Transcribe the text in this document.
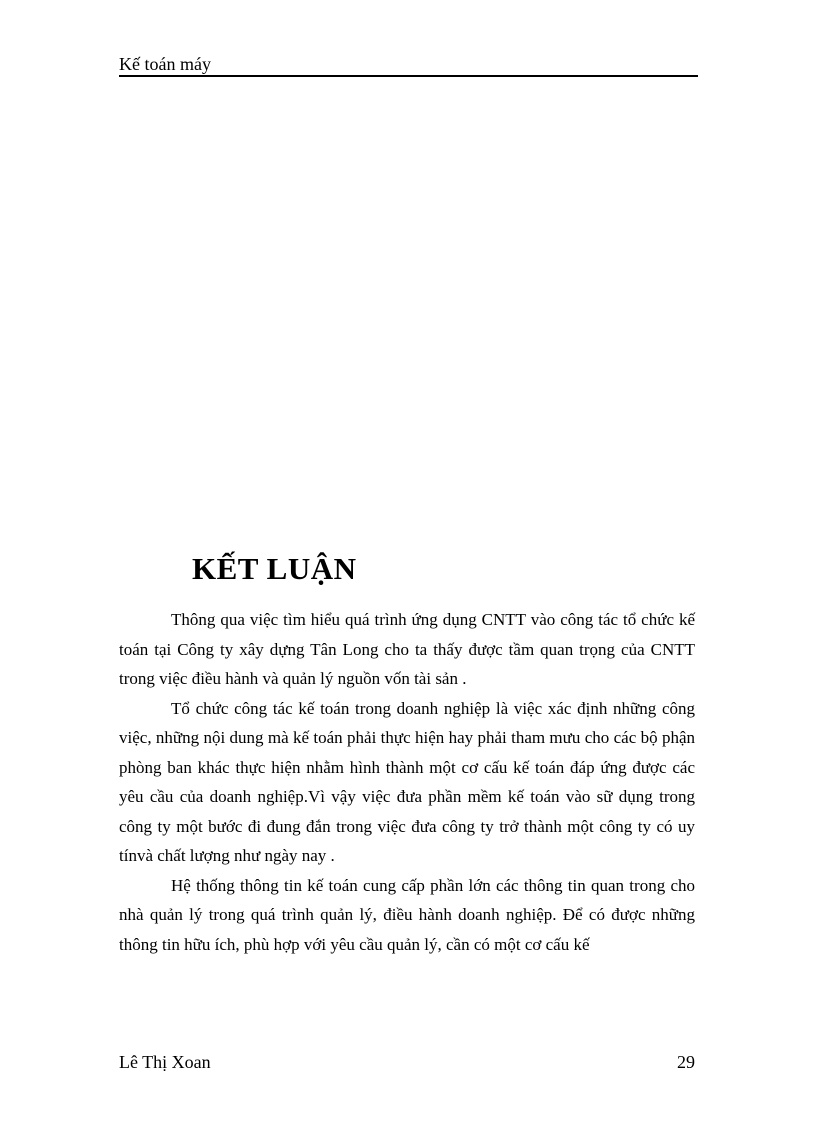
Kế toán máy
KẾT LUẬN

Thông qua việc tìm hiểu quá trình ứng dụng CNTT vào công tác tổ chức kế toán tại Công ty xây dựng Tân Long cho ta thấy được tầm quan trọng của CNTT trong việc điều hành và quản lý nguồn vốn tài sản .

Tổ chức công tác kế toán trong doanh nghiệp là việc xác định những công việc, những nội dung mà kế toán phải thực hiện hay phải tham mưu cho các bộ phận phòng ban khác thực hiện nhằm hình thành một cơ cấu kế toán đáp ứng được các yêu cầu của doanh nghiệp.Vì vậy việc đưa phần mềm kế toán vào sữ dụng trong công ty một bước đi đung đắn trong việc đưa công ty trở thành một công ty có uy tínvà chất lượng như ngày nay .

Hệ thống thông tin kế toán cung cấp phần lớn các thông tin quan trong cho nhà quản lý trong quá trình quản lý, điều hành doanh nghiệp. Để có được những thông tin hữu ích, phù hợp với yêu cầu quản lý, cần có một cơ cấu kế

Lê Thị Xoan	29
